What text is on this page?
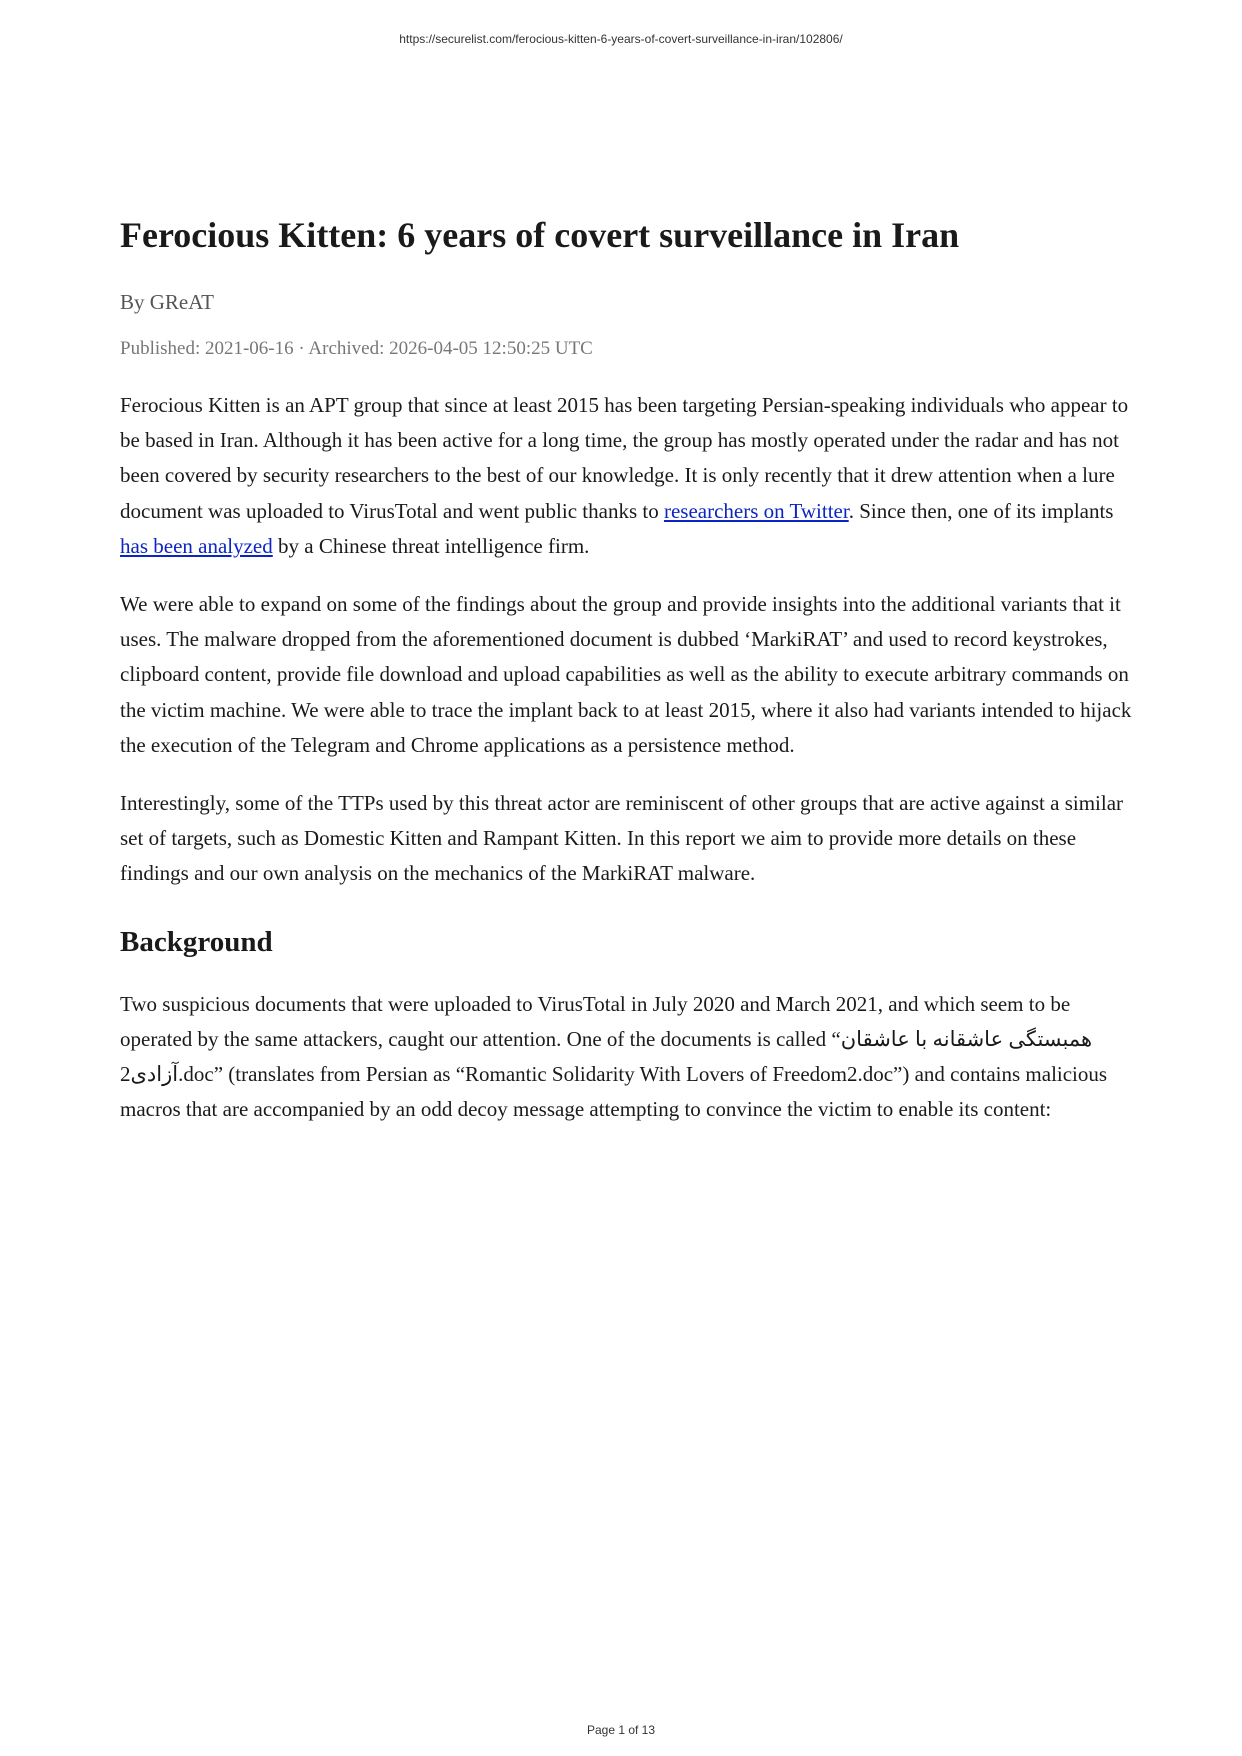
https://securelist.com/ferocious-kitten-6-years-of-covert-surveillance-in-iran/102806/
Ferocious Kitten: 6 years of covert surveillance in Iran

By GReAT

Published: 2021-06-16 · Archived: 2026-04-05 12:50:25 UTC

Ferocious Kitten is an APT group that since at least 2015 has been targeting Persian-speaking individuals who appear to be based in Iran. Although it has been active for a long time, the group has mostly operated under the radar and has not been covered by security researchers to the best of our knowledge. It is only recently that it drew attention when a lure document was uploaded to VirusTotal and went public thanks to researchers on Twitter. Since then, one of its implants has been analyzed by a Chinese threat intelligence firm.

We were able to expand on some of the findings about the group and provide insights into the additional variants that it uses. The malware dropped from the aforementioned document is dubbed ‘MarkiRAT’ and used to record keystrokes, clipboard content, provide file download and upload capabilities as well as the ability to execute arbitrary commands on the victim machine. We were able to trace the implant back to at least 2015, where it also had variants intended to hijack the execution of the Telegram and Chrome applications as a persistence method.

Interestingly, some of the TTPs used by this threat actor are reminiscent of other groups that are active against a similar set of targets, such as Domestic Kitten and Rampant Kitten. In this report we aim to provide more details on these findings and our own analysis on the mechanics of the MarkiRAT malware.

Background

Two suspicious documents that were uploaded to VirusTotal in July 2020 and March 2021, and which seem to be operated by the same attackers, caught our attention. One of the documents is called “همبستگی عاشقانه با عاشقان آزادی2.doc” (translates from Persian as “Romantic Solidarity With Lovers of Freedom2.doc”) and contains malicious macros that are accompanied by an odd decoy message attempting to convince the victim to enable its content:

Page 1 of 13
